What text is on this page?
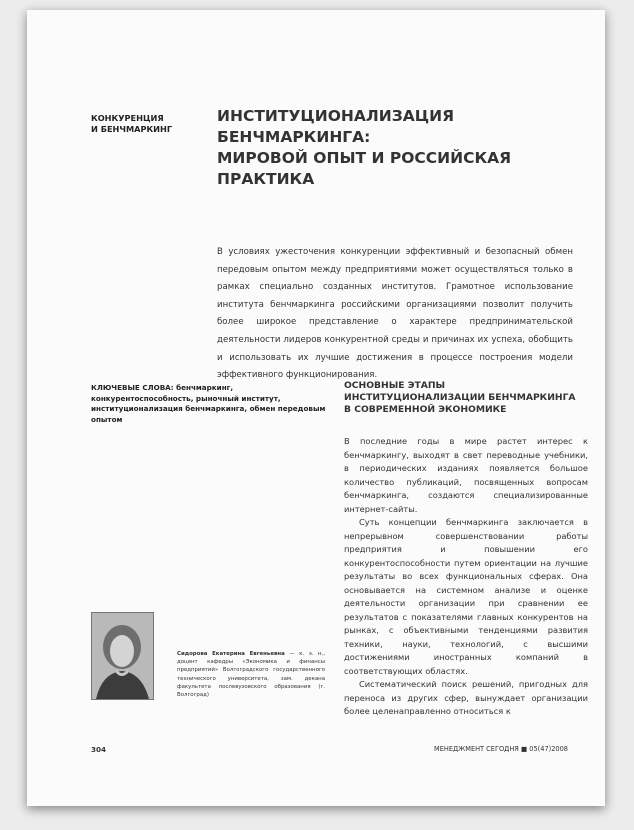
КОНКУРЕНЦИЯ
И БЕНЧМАРКИНГ
ИНСТИТУЦИОНАЛИЗАЦИЯ БЕНЧМАРКИНГА:
МИРОВОЙ ОПЫТ И РОССИЙСКАЯ ПРАКТИКА

В условиях ужесточения конкуренции эффективный и безопасный обмен передовым опытом между предприятиями может осуществляться только в рамках специально созданных институтов. Грамотное использование института бенчмаркинга российскими организациями позволит получить более широкое представление о характере предпринимательской деятельности лидеров конкурентной среды и причинах их успеха, обобщить и использовать их лучшие достижения в процессе построения модели эффективного функционирования.

КЛЮЧЕВЫЕ СЛОВА: бенчмаркинг, конкурентоспособность, рыночный институт, институционализация бенчмаркинга, обмен передовым опытом
ОСНОВНЫЕ ЭТАПЫ
ИНСТИТУЦИОНАЛИЗАЦИИ БЕНЧМАРКИНГА
В СОВРЕМЕННОЙ ЭКОНОМИКЕ

В последние годы в мире растет интерес к бенчмаркингу, выходят в свет переводные учебники, в периодических изданиях появляется большое количество публикаций, посвященных вопросам бенчмаркинга, создаются специализированные интернет-сайты.

Суть концепции бенчмаркинга заключается в непрерывном совершенствовании работы предприятия и повышении его конкурентоспособности путем ориентации на лучшие результаты во всех функциональных сферах. Она основывается на системном анализе и оценке деятельности организации при сравнении ее результатов с показателями главных конкурентов на рынках, с объективными тенденциями развития техники, науки, технологий, с высшими достижениями иностранных компаний в соответствующих областях.

Систематический поиск решений, пригодных для переноса из других сфер, вынуждает организации более целенаправленно относиться к

Сидорова Екатерина Евгеньевна — к. э. н., доцент кафедры «Экономика и финансы предприятий» Волгоградского государственного технического университета, зам. декана факультета послевузовского образования (г. Волгоград)
304	МЕНЕДЖМЕНТ СЕГОДНЯ ■ 05(47)2008
